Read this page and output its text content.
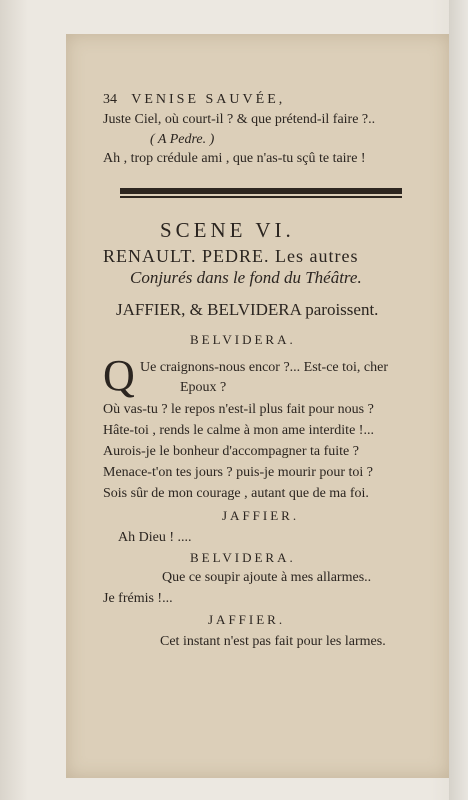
34 VENISE SAUVÉE,
Juste Ciel, où court-il ? & que prétend-il faire ?..
( A Pedre. )
Ah , trop crédule ami , que n'as-tu sçû te taire !
SCENE VI.
RENAULT. PEDRE. Les autres
Conjurés dans le fond du Théâtre.
JAFFIER, & BELVIDERA paroissent.
BELVIDERA.
Q Ue craignons-nous encor ?... Est-ce toi, cher
Epoux ?
Où vas-tu ? le repos n'est-il plus fait pour nous ?
Hâte-toi , rends le calme à mon ame interdite !...
Aurois-je le bonheur d'accompagner ta fuite ?
Menace-t'on tes jours ? puis-je mourir pour toi ?
Sois sûr de mon courage , autant que de ma foi.
JAFFIER.
Ah Dieu ! ....
BELVIDERA.
Que ce soupir ajoute à mes allarmes..
Je frémis !...
JAFFIER.
Cet instant n'est pas fait pour les larmes.
